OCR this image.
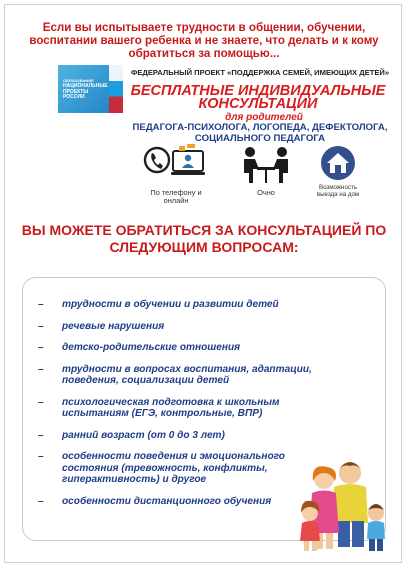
Если вы испытываете трудности в общении, обучении, воспитании вашего ребенка и не знаете, что делать и к кому обратиться за помощью...
ОБРАЗОВАНИЕ
НАЦИОНАЛЬНЫЕ ПРОЕКТЫ РОССИИ
ФЕДЕРАЛЬНЫЙ ПРОЕКТ «ПОДДЕРЖКА СЕМЕЙ, ИМЕЮЩИХ ДЕТЕЙ»
БЕСПЛАТНЫЕ ИНДИВИДУАЛЬНЫЕ КОНСУЛЬТАЦИИ
для родителей
ПЕДАГОГА-ПСИХОЛОГА, ЛОГОПЕДА, ДЕФЕКТОЛОГА, СОЦИАЛЬНОГО ПЕДАГОГА
По телефону и онлайн
Очно
Возможность выезда на дом
ВЫ МОЖЕТЕ ОБРАТИТЬСЯ ЗА КОНСУЛЬТАЦИЕЙ ПО СЛЕДУЮЩИМ ВОПРОСАМ:
– трудности в обучении и развитии детей
– речевые нарушения
– детско-родительские отношения
– трудности в вопросах воспитания, адаптации, поведения, социализации детей
– психологическая подготовка к школьным испытаниям (ЕГЭ, контрольные, ВПР)
– ранний возраст (от 0 до 3 лет)
– особенности поведения и эмоционального состояния (тревожность, конфликты, гиперактивность) и другое
– особенности дистанционного обучения
